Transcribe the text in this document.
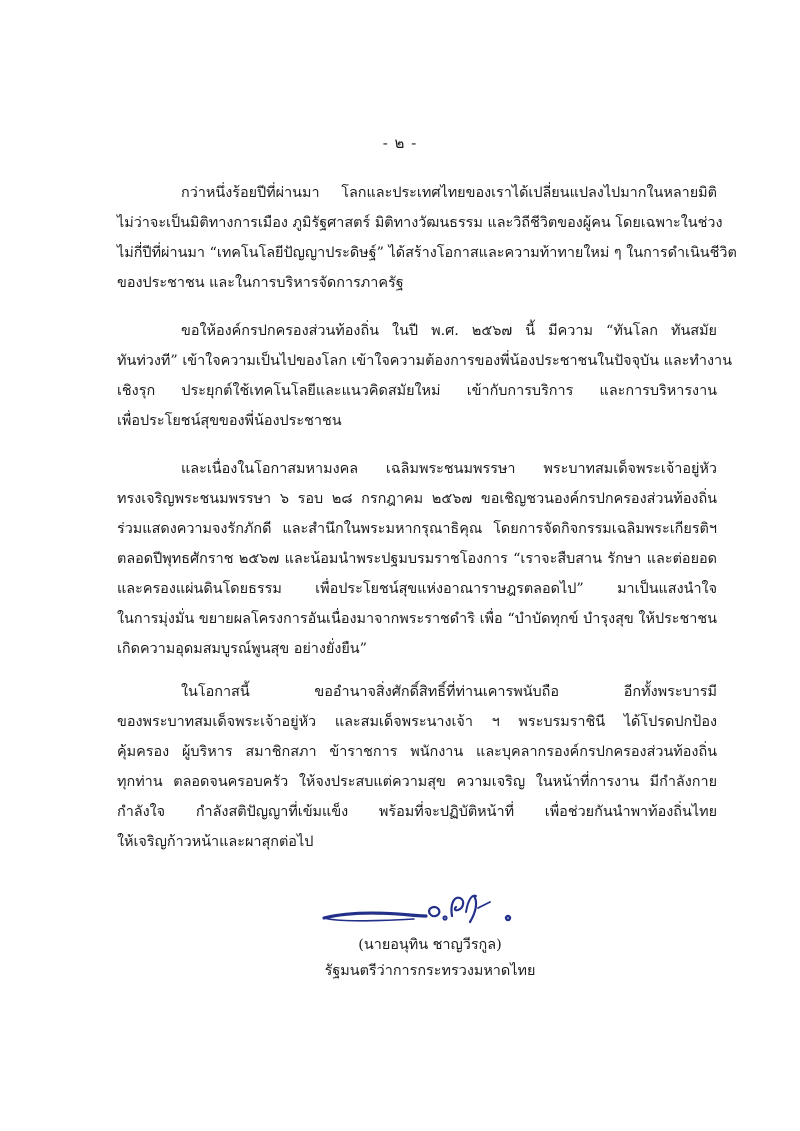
- ๒ -
กว่าหนึ่งร้อยปีที่ผ่านมา โลกและประเทศไทยของเราได้เปลี่ยนแปลงไปมากในหลายมิติ
ไม่ว่าจะเป็นมิติทางการเมือง ภูมิรัฐศาสตร์ มิติทางวัฒนธรรม และวิถีชีวิตของผู้คน โดยเฉพาะในช่วง
ไม่กี่ปีที่ผ่านมา “เทคโนโลยีปัญญาประดิษฐ์” ได้สร้างโอกาสและความท้าทายใหม่ ๆ ในการดำเนินชีวิต
ของประชาชน และในการบริหารจัดการภาครัฐ
ขอให้องค์กรปกครองส่วนท้องถิ่น ในปี พ.ศ. ๒๕๖๗ นี้ มีความ “ทันโลก ทันสมัย
ทันท่วงที” เข้าใจความเป็นไปของโลก เข้าใจความต้องการของพี่น้องประชาชนในปัจจุบัน และทำงาน
เชิงรุก ประยุกต์ใช้เทคโนโลยีและแนวคิดสมัยใหม่ เข้ากับการบริการ และการบริหารงาน
เพื่อประโยชน์สุขของพี่น้องประชาชน
และเนื่องในโอกาสมหามงคล เฉลิมพระชนมพรรษา พระบาทสมเด็จพระเจ้าอยู่หัว
ทรงเจริญพระชนมพรรษา ๖ รอบ ๒๘ กรกฎาคม ๒๕๖๗ ขอเชิญชวนองค์กรปกครองส่วนท้องถิ่น
ร่วมแสดงความจงรักภักดี และสำนึกในพระมหากรุณาธิคุณ โดยการจัดกิจกรรมเฉลิมพระเกียรติฯ
ตลอดปีพุทธศักราช ๒๕๖๗ และน้อมนำพระปฐมบรมราชโองการ “เราจะสืบสาน รักษา และต่อยอด
และครองแผ่นดินโดยธรรม เพื่อประโยชน์สุขแห่งอาณาราษฎรตลอดไป” มาเป็นแสงนำใจ
ในการมุ่งมั่น ขยายผลโครงการอันเนื่องมาจากพระราชดำริ เพื่อ “บำบัดทุกข์ บำรุงสุข ให้ประชาชน
เกิดความอุดมสมบูรณ์พูนสุข อย่างยั่งยืน”
ในโอกาสนี้ ขออำนาจสิ่งศักดิ์สิทธิ์ที่ท่านเคารพนับถือ อีกทั้งพระบารมี
ของพระบาทสมเด็จพระเจ้าอยู่หัว และสมเด็จพระนางเจ้า ฯ พระบรมราชินี ได้โปรดปกป้อง
คุ้มครอง ผู้บริหาร สมาชิกสภา ข้าราชการ พนักงาน และบุคลากรองค์กรปกครองส่วนท้องถิ่น
ทุกท่าน ตลอดจนครอบครัว ให้จงประสบแต่ความสุข ความเจริญ ในหน้าที่การงาน มีกำลังกาย
กำลังใจ กำลังสติปัญญาที่เข้มแข็ง พร้อมที่จะปฏิบัติหน้าที่ เพื่อช่วยกันนำพาท้องถิ่นไทย
ให้เจริญก้าวหน้าและผาสุกต่อไป
(นายอนุทิน ชาญวีรกูล)
รัฐมนตรีว่าการกระทรวงมหาดไทย
